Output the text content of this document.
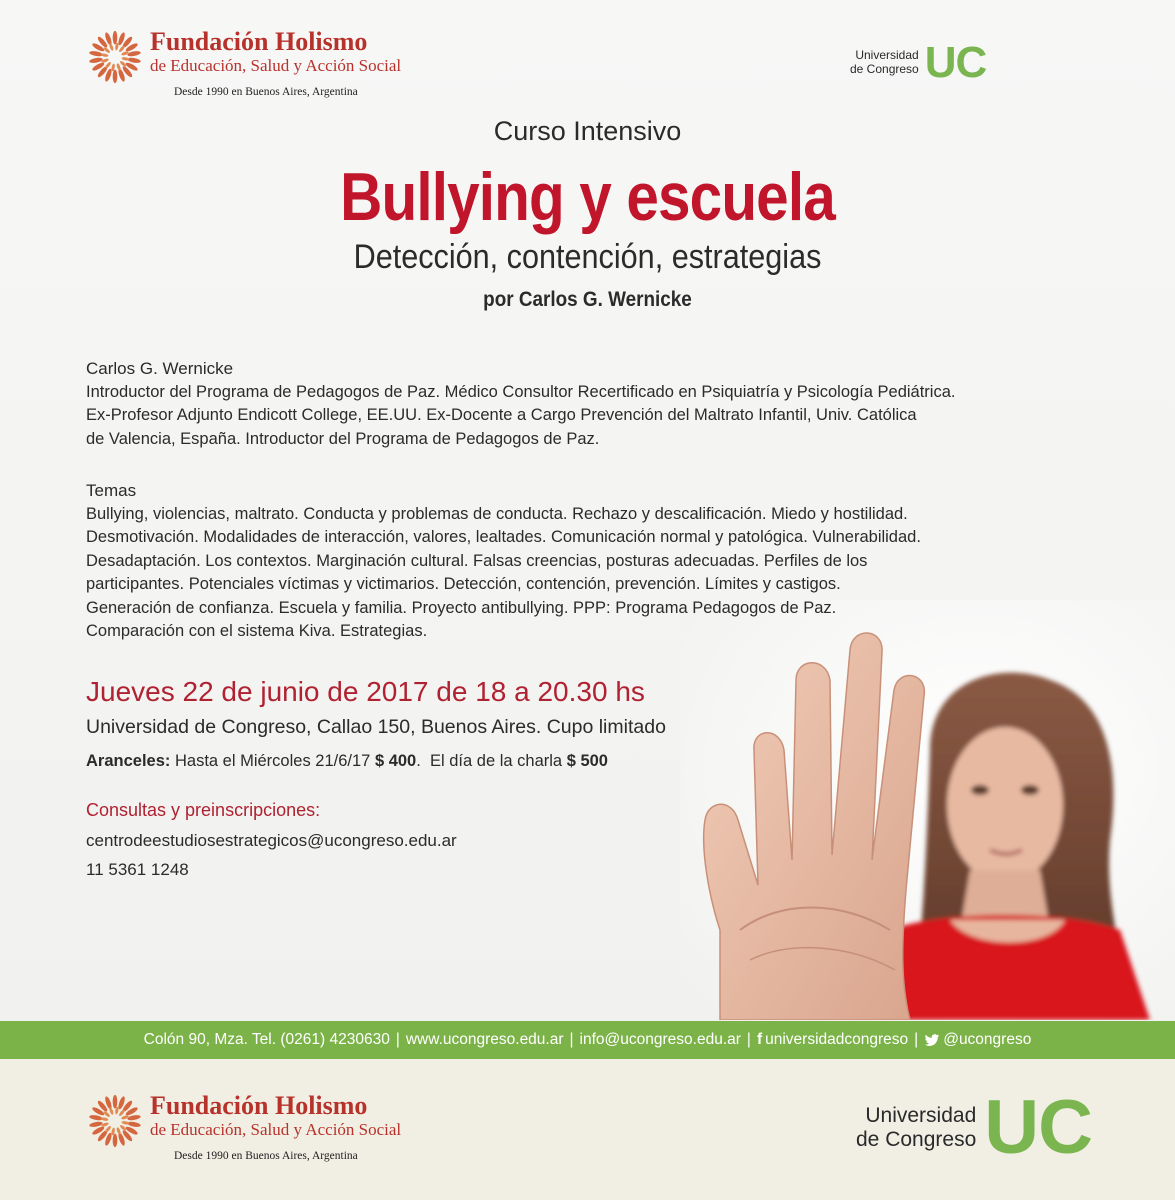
Fundación Holismo
de Educación, Salud y Acción Social
Desde 1990 en Buenos Aires, Argentina
Universidad
de Congreso UC
Curso Intensivo
Bullying y escuela
Detección, contención, estrategias
por Carlos G. Wernicke

Carlos G. Wernicke

Introductor del Programa de Pedagogos de Paz. Médico Consultor Recertificado en Psiquiatría y Psicología Pediátrica.

Ex-Profesor Adjunto Endicott College, EE.UU. Ex-Docente a Cargo Prevención del Maltrato Infantil, Univ. Católica

de Valencia, España. Introductor del Programa de Pedagogos de Paz.

Temas

Bullying, violencias, maltrato. Conducta y problemas de conducta. Rechazo y descalificación. Miedo y hostilidad.

Desmotivación. Modalidades de interacción, valores, lealtades. Comunicación normal y patológica. Vulnerabilidad.

Desadaptación. Los contextos. Marginación cultural. Falsas creencias, posturas adecuadas. Perfiles de los

participantes. Potenciales víctimas y victimarios. Detección, contención, prevención. Límites y castigos.

Generación de confianza. Escuela y familia. Proyecto antibullying. PPP: Programa Pedagogos de Paz.

Comparación con el sistema Kiva. Estrategias.

Jueves 22 de junio de 2017 de 18 a 20.30 hs
Universidad de Congreso, Callao 150, Buenos Aires. Cupo limitado
Aranceles: Hasta el Miércoles 21/6/17 $ 400.  El día de la charla $ 500
Consultas y preinscripciones:
centrodeestudiosestrategicos@ucongreso.edu.ar
11 5361 1248
Colón 90, Mza. Tel. (0261) 4230630 | www.ucongreso.edu.ar | info@ucongreso.edu.ar | f universidadcongreso | @ucongreso
Fundación Holismo
de Educación, Salud y Acción Social
Desde 1990 en Buenos Aires, Argentina
Universidad
de Congreso UC
